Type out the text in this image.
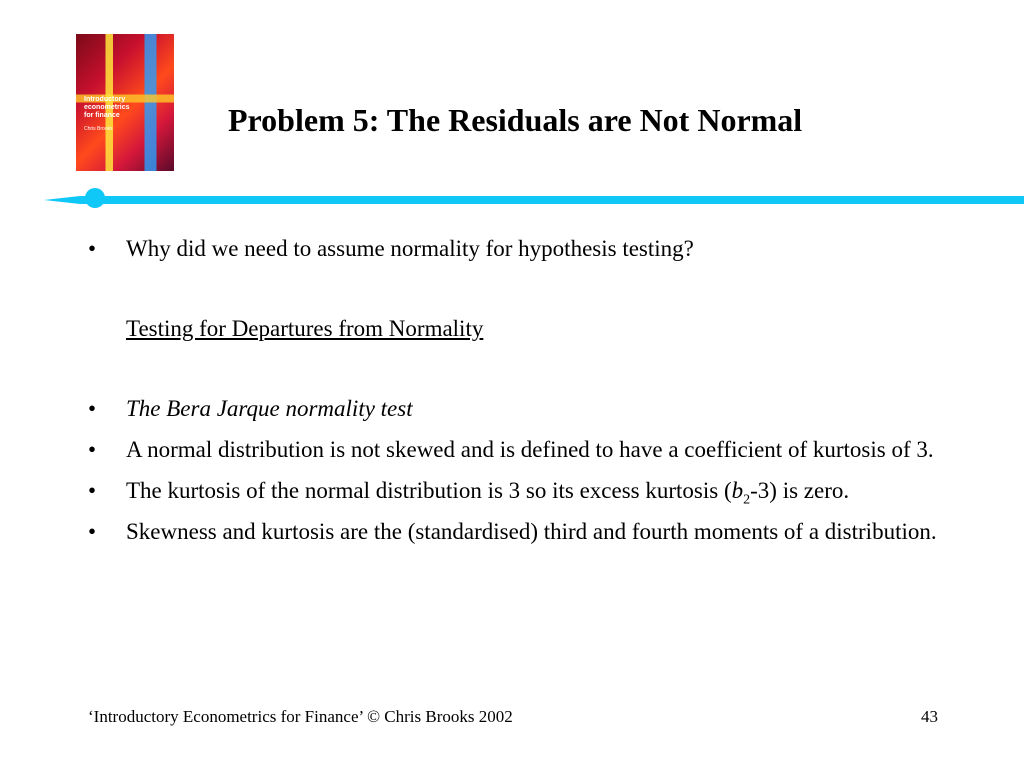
Introductory
econometrics
for finance
Chris Brooks	Problem 5: The Residuals are Not Normal
• Why did we need to assume normality for hypothesis testing?
Testing for Departures from Normality
• The Bera Jarque normality test
• A normal distribution is not skewed and is defined to have a coefficient of kurtosis of 3.
• The kurtosis of the normal distribution is 3 so its excess kurtosis $(b_2-3)$ is zero.
• Skewness and kurtosis are the (standardised) third and fourth moments of a distribution.
‘Introductory Econometrics for Finance’ © Chris Brooks 2002	43
